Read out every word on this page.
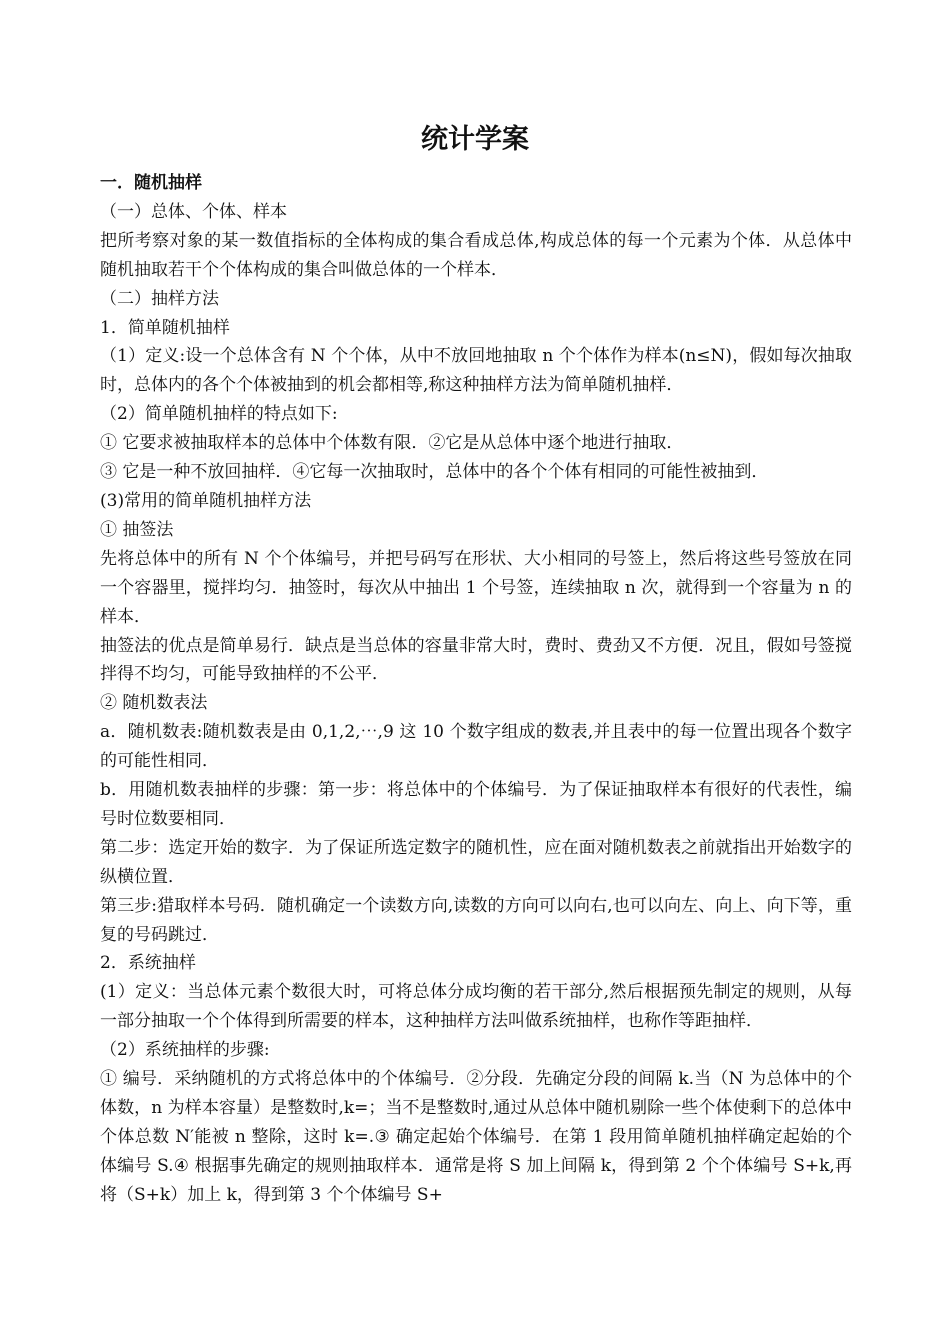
统计学案

一．随机抽样

（一）总体、个体、样本

把所考察对象的某一数值指标的全体构成的集合看成总体,构成总体的每一个元素为个体．从总体中随机抽取若干个个体构成的集合叫做总体的一个样本．

（二）抽样方法

1．简单随机抽样

（1）定义:设一个总体含有 N 个个体，从中不放回地抽取 n 个个体作为样本(n≤N)，假如每次抽取时，总体内的各个个体被抽到的机会都相等,称这种抽样方法为简单随机抽样．

（2）简单随机抽样的特点如下:

① 它要求被抽取样本的总体中个体数有限．②它是从总体中逐个地进行抽取．

③ 它是一种不放回抽样．④它每一次抽取时，总体中的各个个体有相同的可能性被抽到．

(3)常用的简单随机抽样方法

① 抽签法

先将总体中的所有 N 个个体编号，并把号码写在形状、大小相同的号签上，然后将这些号签放在同一个容器里，搅拌均匀．抽签时，每次从中抽出 1 个号签，连续抽取 n 次，就得到一个容量为 n 的样本．

抽签法的优点是简单易行．缺点是当总体的容量非常大时，费时、费劲又不方便．况且，假如号签搅拌得不均匀，可能导致抽样的不公平．

② 随机数表法

a．随机数表:随机数表是由 0,1,2,⋯,9 这 10 个数字组成的数表,并且表中的每一位置出现各个数字的可能性相同．

b．用随机数表抽样的步骤：第一步：将总体中的个体编号．为了保证抽取样本有很好的代表性，编号时位数要相同．

第二步：选定开始的数字．为了保证所选定数字的随机性，应在面对随机数表之前就指出开始数字的纵横位置．

第三步:猎取样本号码．随机确定一个读数方向,读数的方向可以向右,也可以向左、向上、向下等，重复的号码跳过．

2．系统抽样

(1）定义：当总体元素个数很大时，可将总体分成均衡的若干部分,然后根据预先制定的规则，从每一部分抽取一个个体得到所需要的样本，这种抽样方法叫做系统抽样，也称作等距抽样．

（2）系统抽样的步骤:

① 编号．采纳随机的方式将总体中的个体编号．②分段．先确定分段的间隔 k.当（N 为总体中的个体数，n 为样本容量）是整数时,k=；当不是整数时,通过从总体中随机剔除一些个体使剩下的总体中个体总数 N′能被 n 整除，这时 k=.③ 确定起始个体编号．在第 1 段用简单随机抽样确定起始的个体编号 S.④ 根据事先确定的规则抽取样本．通常是将 S 加上间隔 k，得到第 2 个个体编号 S+k,再将（S+k）加上 k，得到第 3 个个体编号 S+
